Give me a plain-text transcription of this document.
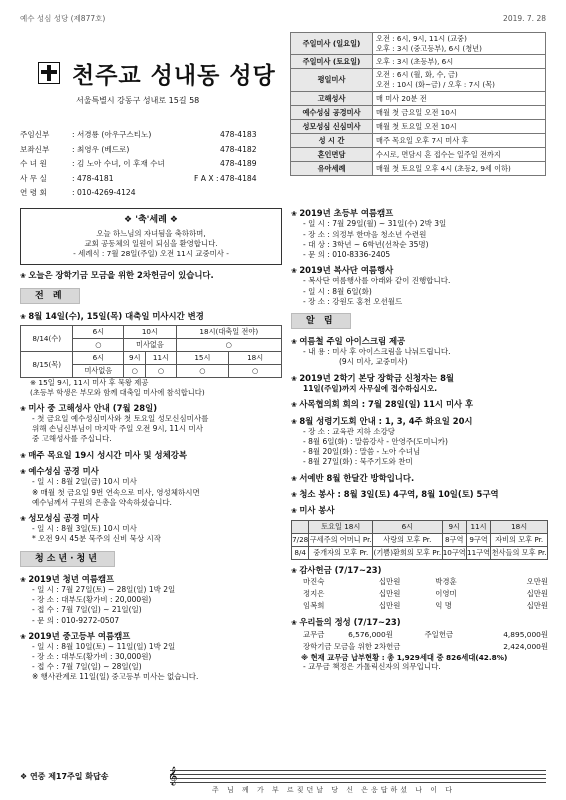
예수 성심 성당 (제877호)	2019. 7. 28
천주교 성내동 성당
서울특별시 강동구 성내로 15길 58
주임신부	: 서경룡 (아우구스티노)	478-4183
보좌신부	: 최영우 (베드로)	478-4182
수 녀 원	: 김 노아 수녀, 이 후재 수녀	478-4189
사 무 실	: 478-4181	F A X : 478-4184
연 령 회	: 010-4269-4124
주일미사 (일요일)	오전 : 6시, 9시, 11시 (교중)
오후 : 3시 (중고등부), 6시 (청년)
주일미사 (토요일)	오후 : 3시 (초등부), 6시
평일미사	오전 : 6시 (월, 화, 수, 금)
오전 : 10시 (화~금) / 오후 : 7시 (목)
고해성사	매 미사 20분 전
예수성심 공경미사	매월 첫 금요일 오전 10시
성모성심 신심미사	매월 첫 토요일 오전 10시
성 시 간	매주 목요일 오후 7시 미사 후
혼인면담	수시로, 면담시 혼 접수는 일주일 전까지
유아세례	매월 첫 토요일 오후 4시 (초등2, 9세 이하)
❖ '축'세례 ❖
오늘 하느님의 자녀됨을 축하하며,
교회 공동체의 일원이 되심을 환영합니다.
- 세례식 : 7월 28일(주일) 오전 11시 교중미사 -
❀ 오늘은 장학기금 모금을 위한 2차헌금이 있습니다.
전 례
❀ 8월 14일(수), 15일(목) 대축일 미사시간 변경
8/14(수)	6시	10시		18시(대축일 전야)	
	○	미사없음		○	
8/15(목)	6시	9시	11시	15시	18시
	미사없음	○	○	○	○
※ 15일 9시, 11시 미사 후 묵왕 제공
(초등부 학생은 부모와 함께 대축일 미사에 참석합니다)
❀ 미사 중 고해성사 안내 (7월 28일)
- 첫 금요일 예수성심미사와 첫 토요일 성모신심미사를
위해 손님신부님이 마지막 주일 오전 9시, 11시 미사
중 고해성사를 주십니다.
❀ 매주 목요일 19시 성시간 미사 및 성체강복
❀ 예수성심 공경 미사
- 일 시 : 8월 2일(금) 10시 미사
※ 매월 첫 금요일 9번 연속으로 미사, 영성체하시면
예수님께서 구원의 은총을 약속하셨습니다.
❀ 성모성심 공경 미사
- 일 시 : 8월 3일(토) 10시 미사
* 오전 9시 45분 묵주의 신비 묵상 시작
청소년·청년
❀ 2019년 청년 여름캠프
- 일 시 : 7월 27일(토) ~ 28일(일) 1박 2일
- 장 소 : 대부도(황가비 : 20,000원)
- 접 수 : 7월 7일(일) ~ 21일(일)
- 문 의 : 010-9272-0507
❀ 2019년 중고등부 여름캠프
- 일 시 : 8월 10일(토) ~ 11일(일) 1박 2일
- 장 소 : 대부도(황가비 : 30,000원)
- 접 수 : 7월 7일(일) ~ 28일(일)
※ 행사관계로 11일(일) 중고등부 미사는 없습니다.
❀ 2019년 초등부 여름캠프
- 일 시 : 7월 29일(월) ~ 31일(수) 2박 3일
- 장 소 : 의정부 한마음 청소년 수련원
- 대 상 : 3학년 ~ 6학년(선착순 35명)
- 문 의 : 010-8336-2405
❀ 2019년 복사단 여름행사
- 복사단 여름행사를 아래와 같이 진행합니다.
- 일 시 : 8월 6일(화)
- 장 소 : 강원도 홍천 오션월드
알 림
❀ 여름철 주일 아이스크림 제공
- 내 용 : 미사 후 아이스크림을 나눠드립니다.
(9시 미사, 교중미사)
❀ 2019년 2학기 본당 장학금 신청자는 8월
11일(주일)까지 사무실에 접수하십시오.
❀ 사목협의회 회의 : 7월 28일(일) 11시 미사 후
❀ 8월 성령기도회 안내 : 1, 3, 4주 화요일 20시
- 장 소 : 교육관 지하 소강당
- 8월 6일(화) : 말씀강사 - 안영주(도미니카)
- 8월 20일(화) : 말씀 - 노아 수녀님
- 8월 27일(화) : 묵주기도와 찬미
❀ 서예반 8월 한달간 방학입니다.
❀ 청소 봉사 : 8월 3일(토) 4구역, 8월 10일(토) 5구역
❀ 미사 봉사
	토요일 18시	6시	9시	11시	18시
7/28	구세주의 어머니 Pr.	사랑의 모후 Pr.	8구역	9구역	자비의 모후 Pr.
8/4	중개자의 모후 Pr.	(기쁨)환희의 모후 Pr.	10구역	11구역	천사들의 모후 Pr.
❀ 감사헌금 (7/17~23)
마진숙	십만원	박경훈	오만원
정지은	십만원	이영미	십만원
임복희	십만원	익 명	십만원
❀ 우리들의 정성 (7/17~23)
교무금	6,576,000원	주일헌금	4,895,000원
장학기금 모금을 위한 2차헌금			2,424,000원
※ 현재 교무금 납부현황 : 총 1,929세대 중 826세대(42.8%)
- 교무금 책정은 가톨릭신자의 의무입니다.
❖ 연중 제17주일 화답송	𝄞
주 님 께 가 부 르짖던날 당 신 은응답하셨 나 이 다
